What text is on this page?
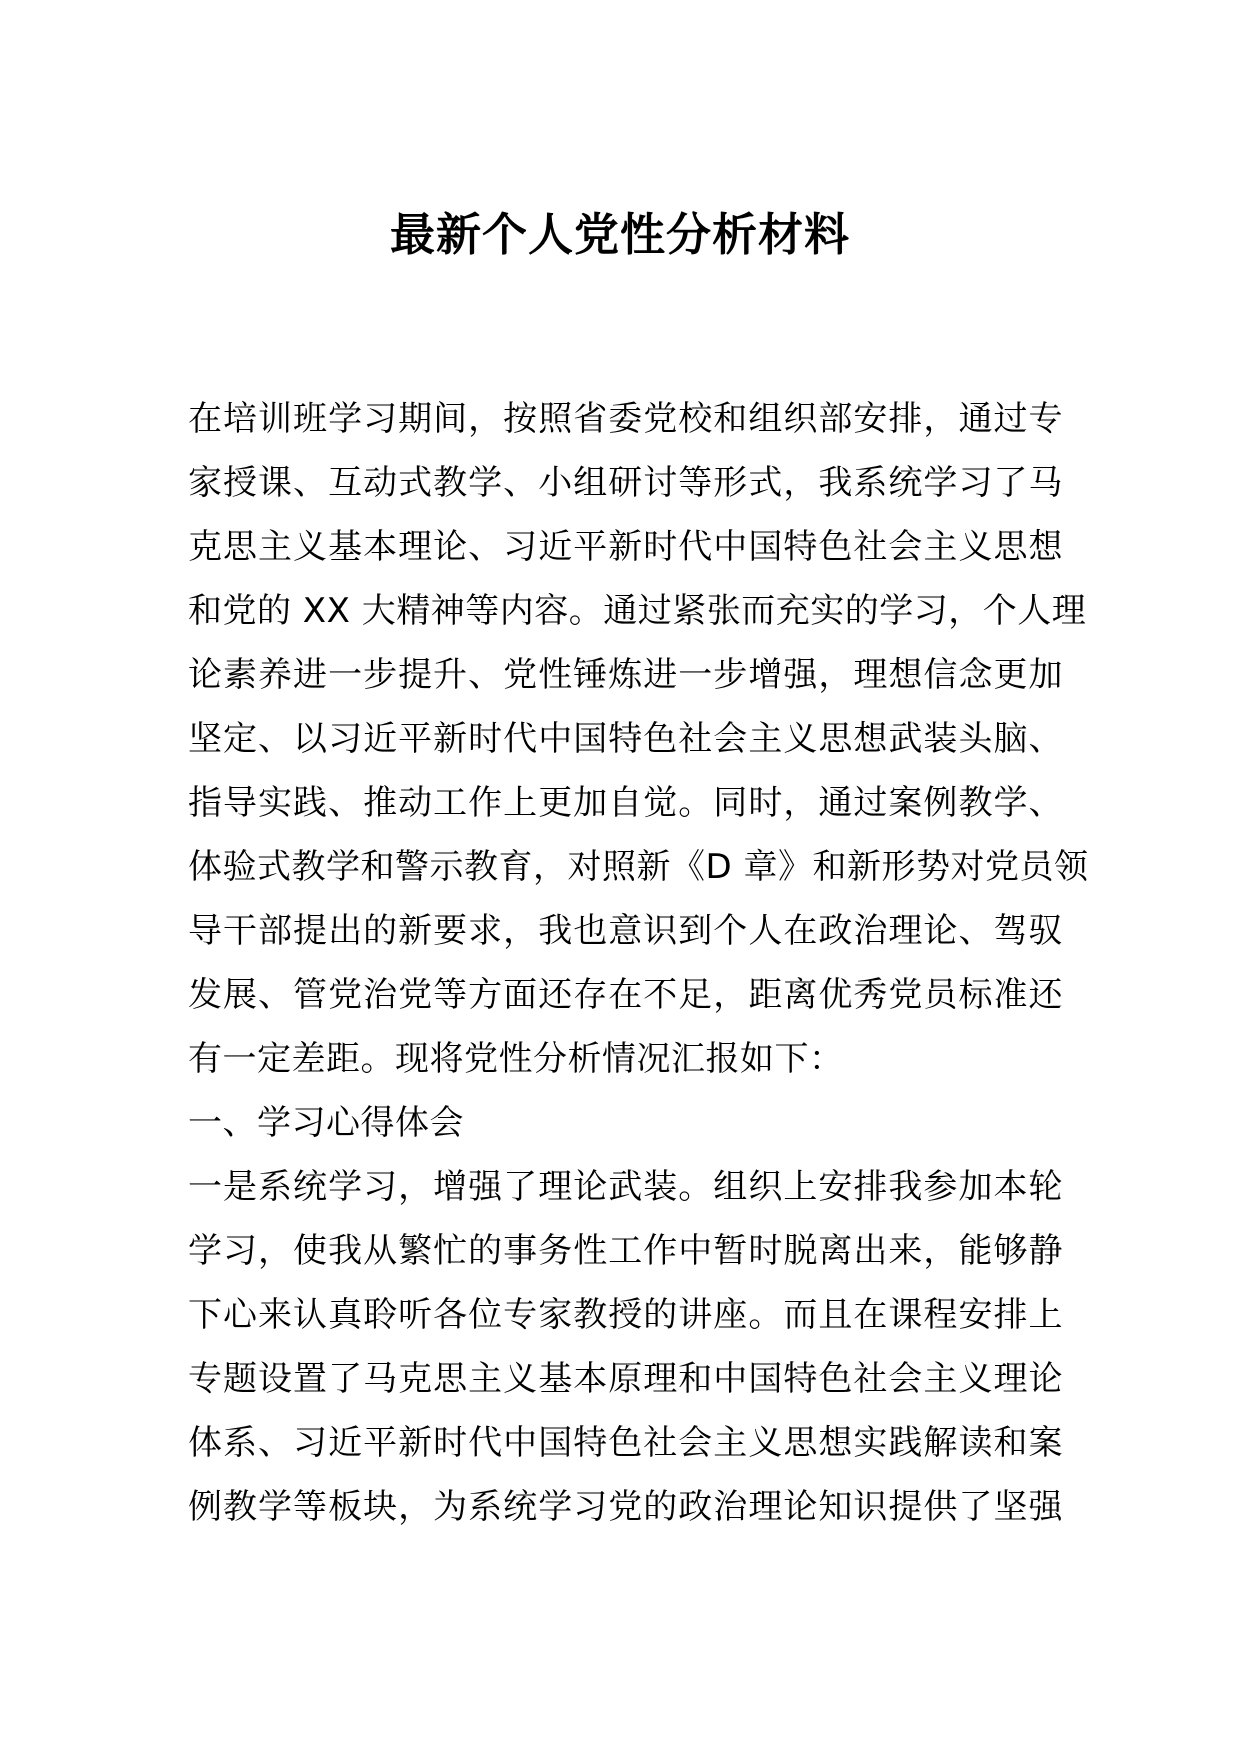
最新个人党性分析材料
在培训班学习期间，按照省委党校和组织部安排，通过专
家授课、互动式教学、小组研讨等形式，我系统学习了马
克思主义基本理论、习近平新时代中国特色社会主义思想
和党的 XX 大精神等内容。通过紧张而充实的学习，个人理
论素养进一步提升、党性锤炼进一步增强，理想信念更加
坚定、以习近平新时代中国特色社会主义思想武装头脑、
指导实践、推动工作上更加自觉。同时，通过案例教学、
体验式教学和警示教育，对照新《D 章》和新形势对党员领
导干部提出的新要求，我也意识到个人在政治理论、驾驭
发展、管党治党等方面还存在不足，距离优秀党员标准还
有一定差距。现将党性分析情况汇报如下：
一、学习心得体会
一是系统学习，增强了理论武装。组织上安排我参加本轮
学习，使我从繁忙的事务性工作中暂时脱离出来，能够静
下心来认真聆听各位专家教授的讲座。而且在课程安排上
专题设置了马克思主义基本原理和中国特色社会主义理论
体系、习近平新时代中国特色社会主义思想实践解读和案
例教学等板块，为系统学习党的政治理论知识提供了坚强
